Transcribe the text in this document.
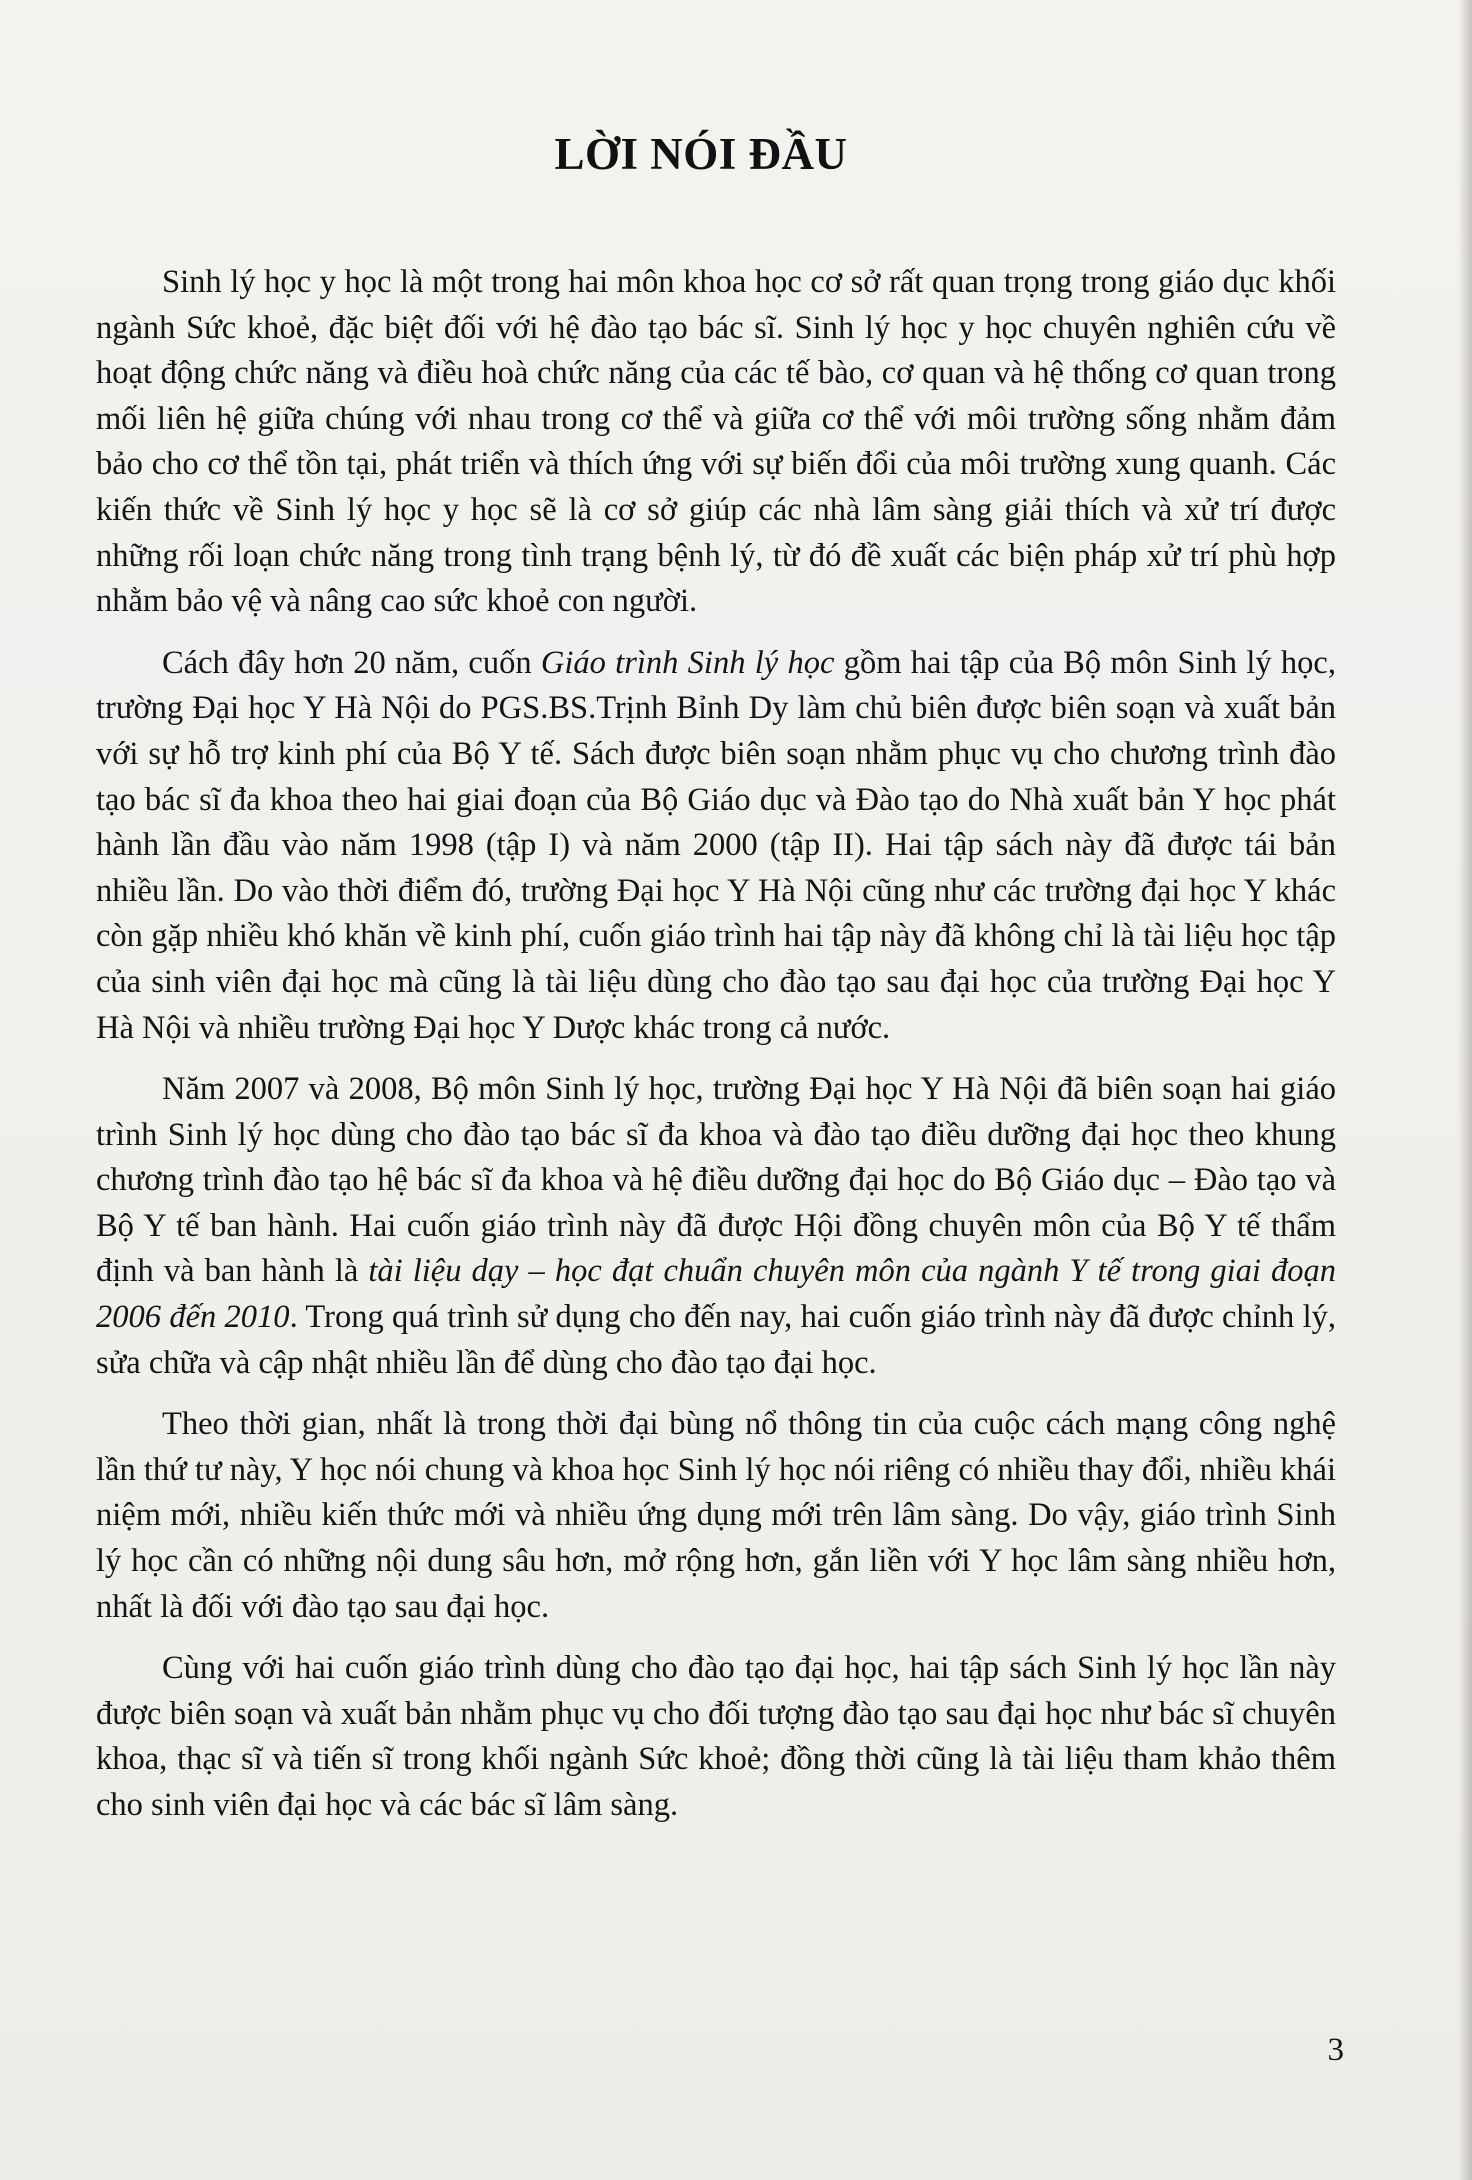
LỜI NÓI ĐẦU

Sinh lý học y học là một trong hai môn khoa học cơ sở rất quan trọng trong giáo dục khối ngành Sức khoẻ, đặc biệt đối với hệ đào tạo bác sĩ. Sinh lý học y học chuyên nghiên cứu về hoạt động chức năng và điều hoà chức năng của các tế bào, cơ quan và hệ thống cơ quan trong mối liên hệ giữa chúng với nhau trong cơ thể và giữa cơ thể với môi trường sống nhằm đảm bảo cho cơ thể tồn tại, phát triển và thích ứng với sự biến đổi của môi trường xung quanh. Các kiến thức về Sinh lý học y học sẽ là cơ sở giúp các nhà lâm sàng giải thích và xử trí được những rối loạn chức năng trong tình trạng bệnh lý, từ đó đề xuất các biện pháp xử trí phù hợp nhằm bảo vệ và nâng cao sức khoẻ con người.

Cách đây hơn 20 năm, cuốn Giáo trình Sinh lý học gồm hai tập của Bộ môn Sinh lý học, trường Đại học Y Hà Nội do PGS.BS.Trịnh Bỉnh Dy làm chủ biên được biên soạn và xuất bản với sự hỗ trợ kinh phí của Bộ Y tế. Sách được biên soạn nhằm phục vụ cho chương trình đào tạo bác sĩ đa khoa theo hai giai đoạn của Bộ Giáo dục và Đào tạo do Nhà xuất bản Y học phát hành lần đầu vào năm 1998 (tập I) và năm 2000 (tập II). Hai tập sách này đã được tái bản nhiều lần. Do vào thời điểm đó, trường Đại học Y Hà Nội cũng như các trường đại học Y khác còn gặp nhiều khó khăn về kinh phí, cuốn giáo trình hai tập này đã không chỉ là tài liệu học tập của sinh viên đại học mà cũng là tài liệu dùng cho đào tạo sau đại học của trường Đại học Y Hà Nội và nhiều trường Đại học Y Dược khác trong cả nước.

Năm 2007 và 2008, Bộ môn Sinh lý học, trường Đại học Y Hà Nội đã biên soạn hai giáo trình Sinh lý học dùng cho đào tạo bác sĩ đa khoa và đào tạo điều dưỡng đại học theo khung chương trình đào tạo hệ bác sĩ đa khoa và hệ điều dưỡng đại học do Bộ Giáo dục – Đào tạo và Bộ Y tế ban hành. Hai cuốn giáo trình này đã được Hội đồng chuyên môn của Bộ Y tế thẩm định và ban hành là tài liệu dạy – học đạt chuẩn chuyên môn của ngành Y tế trong giai đoạn 2006 đến 2010. Trong quá trình sử dụng cho đến nay, hai cuốn giáo trình này đã được chỉnh lý, sửa chữa và cập nhật nhiều lần để dùng cho đào tạo đại học.

Theo thời gian, nhất là trong thời đại bùng nổ thông tin của cuộc cách mạng công nghệ lần thứ tư này, Y học nói chung và khoa học Sinh lý học nói riêng có nhiều thay đổi, nhiều khái niệm mới, nhiều kiến thức mới và nhiều ứng dụng mới trên lâm sàng. Do vậy, giáo trình Sinh lý học cần có những nội dung sâu hơn, mở rộng hơn, gắn liền với Y học lâm sàng nhiều hơn, nhất là đối với đào tạo sau đại học.

Cùng với hai cuốn giáo trình dùng cho đào tạo đại học, hai tập sách Sinh lý học lần này được biên soạn và xuất bản nhằm phục vụ cho đối tượng đào tạo sau đại học như bác sĩ chuyên khoa, thạc sĩ và tiến sĩ trong khối ngành Sức khoẻ; đồng thời cũng là tài liệu tham khảo thêm cho sinh viên đại học và các bác sĩ lâm sàng.

3
